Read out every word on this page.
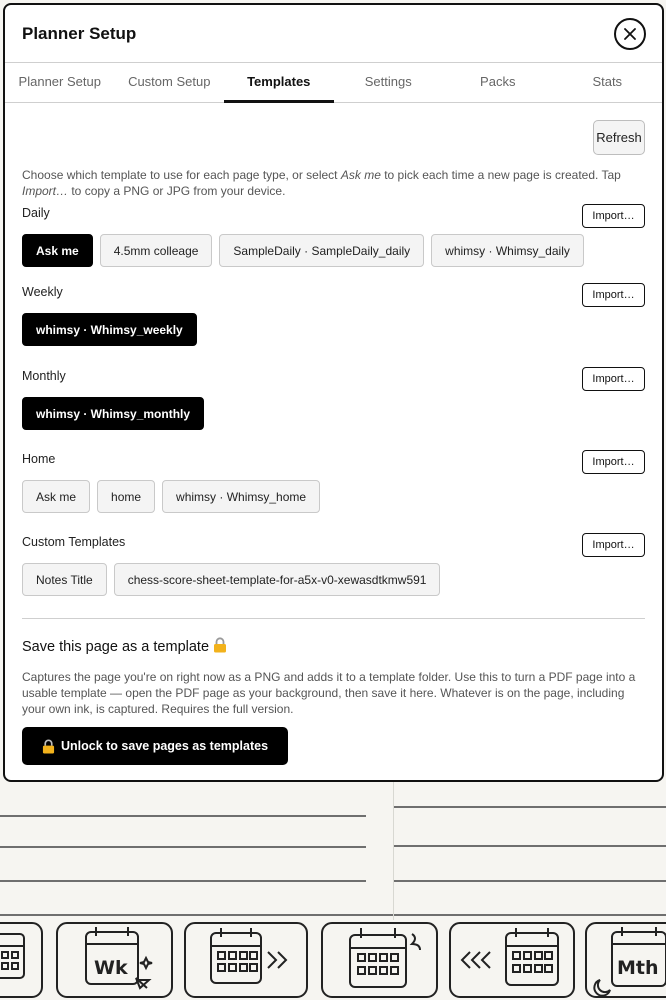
Wk	Mth
Planner Setup
Planner Setup	Custom Setup	Templates	Settings	Packs	Stats
Refresh

Choose which template to use for each page type, or select Ask me to pick each time a new page is created. Tap Import… to copy a PNG or JPG from your device.

Daily	Import…
Ask me	4.5mm colleage	SampleDaily · SampleDaily_daily	whimsy · Whimsy_daily
Weekly	Import…
whimsy · Whimsy_weekly
Monthly	Import…
whimsy · Whimsy_monthly
Home	Import…
Ask me	home	whimsy · Whimsy_home
Custom Templates	Import…
Notes Title	chess-score-sheet-template-for-a5x-v0-xewasdtkmw591
Save this page as a template

Captures the page you're on right now as a PNG and adds it to a template folder. Use this to turn a PDF page into a usable template — open the PDF page as your background, then save it here. Whatever is on the page, including your own ink, is captured. Requires the full version.

Unlock to save pages as templates
